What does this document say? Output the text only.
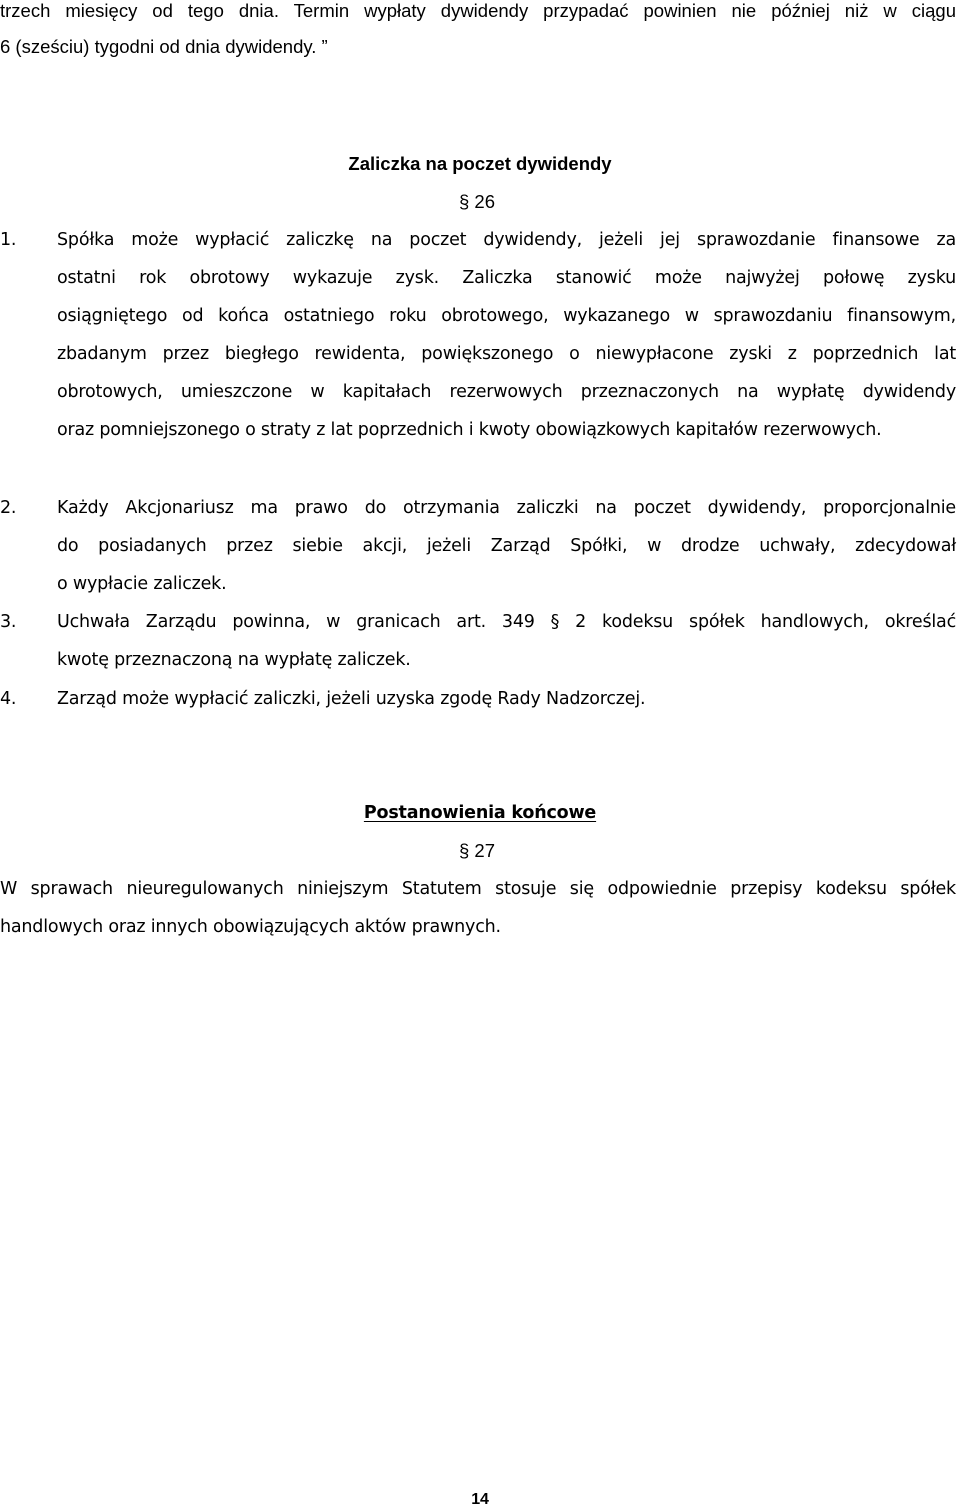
trzech miesięcy od tego dnia. Termin wypłaty dywidendy przypadać powinien nie później niż w ciągu
6 (sześciu) tygodni od dnia dywidendy. ”
Zaliczka na poczet dywidendy
§ 26
1. Spółka może wypłacić zaliczkę na poczet dywidendy, jeżeli jej sprawozdanie finansowe za
ostatni rok obrotowy wykazuje zysk. Zaliczka stanowić może najwyżej połowę zysku
osiągniętego od końca ostatniego roku obrotowego, wykazanego w sprawozdaniu finansowym,
zbadanym przez biegłego rewidenta, powiększonego o niewypłacone zyski z poprzednich lat
obrotowych, umieszczone w kapitałach rezerwowych przeznaczonych na wypłatę dywidendy
oraz pomniejszonego o straty z lat poprzednich i kwoty obowiązkowych kapitałów rezerwowych.
2. Każdy Akcjonariusz ma prawo do otrzymania zaliczki na poczet dywidendy, proporcjonalnie
do posiadanych przez siebie akcji, jeżeli Zarząd Spółki, w drodze uchwały, zdecydował
o wypłacie zaliczek.
3. Uchwała Zarządu powinna, w granicach art. 349 § 2 kodeksu spółek handlowych, określać
kwotę przeznaczoną na wypłatę zaliczek.
4. Zarząd może wypłacić zaliczki, jeżeli uzyska zgodę Rady Nadzorczej.
Postanowienia końcowe
§ 27
W sprawach nieuregulowanych niniejszym Statutem stosuje się odpowiednie przepisy kodeksu spółek
handlowych oraz innych obowiązujących aktów prawnych.
14
